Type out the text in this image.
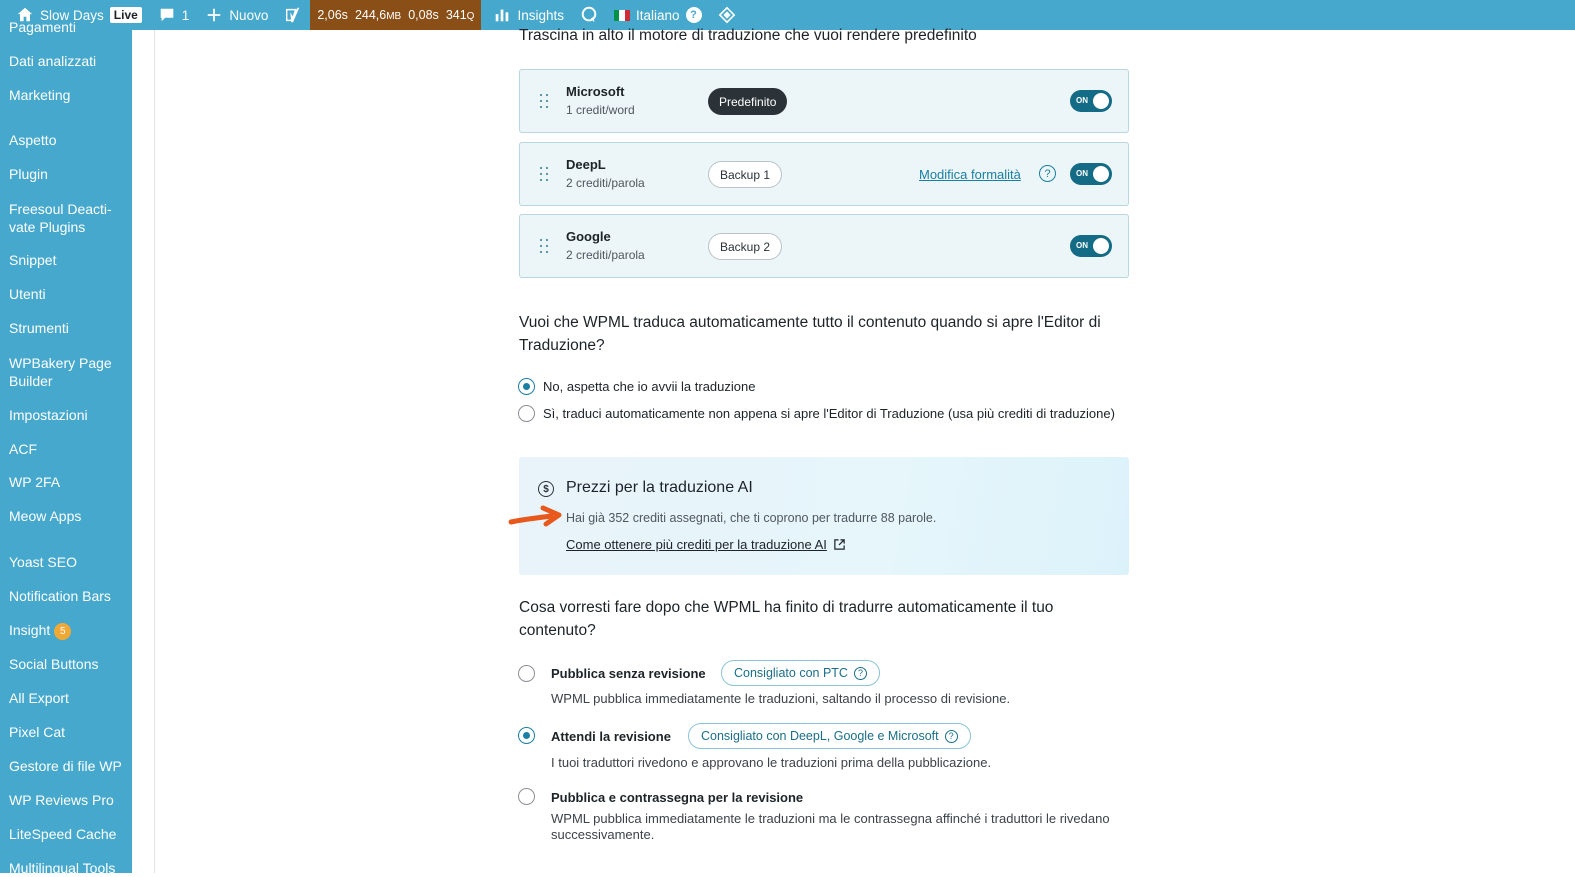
Slow Days Live	1	Nuovo	2,06s 244,6MB 0,08s 341Q	Insights	Italiano ?
Pagamenti
Dati analizzati
Marketing
Aspetto
Plugin
Freesoul Deacti-vate Plugins
Snippet
Utenti
Strumenti
WPBakery Page Builder
Impostazioni
ACF
WP 2FA
Meow Apps
Yoast SEO
Notification Bars
Insight 5
Social Buttons
All Export
Pixel Cat
Gestore di file WP
WP Reviews Pro
LiteSpeed Cache
Multilingual Tools
Trascina in alto il motore di traduzione che vuoi rendere predefinito
Microsoft
1 credit/word
Predefinito	ON
DeepL
2 crediti/parola
Backup 1	Modifica formalità	?	ON
Google
2 crediti/parola
Backup 2	ON
Vuoi che WPML traduca automaticamente tutto il contenuto quando si apre l'Editor di Traduzione?
No, aspetta che io avvii la traduzione
Sì, traduci automaticamente non appena si apre l'Editor di Traduzione (usa più crediti di traduzione)
$	Prezzi per la traduzione AI
Hai già 352 crediti assegnati, che ti coprono per tradurre 88 parole.
Come ottenere più crediti per la traduzione AI
Cosa vorresti fare dopo che WPML ha finito di tradurre automaticamente il tuo contenuto?
Pubblica senza revisione Consigliato con PTC	?
WPML pubblica immediatamente le traduzioni, saltando il processo di revisione.
Attendi la revisione Consigliato con DeepL, Google e Microsoft	?
I tuoi traduttori rivedono e approvano le traduzioni prima della pubblicazione.
Pubblica e contrassegna per la revisione
WPML pubblica immediatamente le traduzioni ma le contrassegna affinché i traduttori le rivedano successivamente.
